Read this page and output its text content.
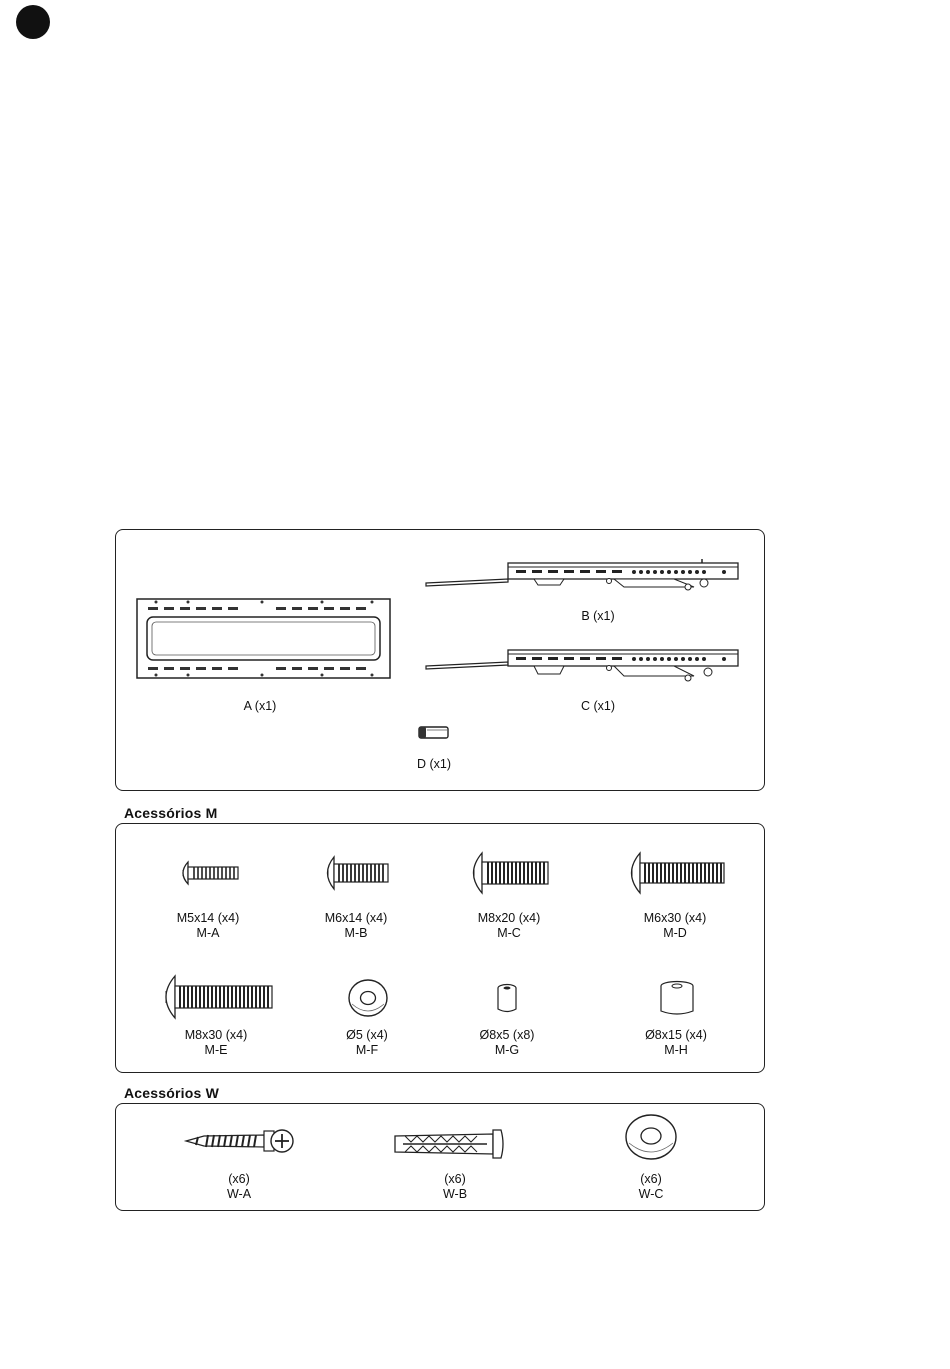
A (x1)
B (x1)
C (x1)
D (x1)
Acessórios M
M5x14 (x4)
M-A
M6x14 (x4)
M-B
M8x20 (x4)
M-C
M6x30 (x4)
M-D
M8x30 (x4)
M-E
Ø5 (x4)
M-F
Ø8x5 (x8)
M-G
Ø8x15 (x4)
M-H
Acessórios W
(x6)
W-A
(x6)
W-B
(x6)
W-C
